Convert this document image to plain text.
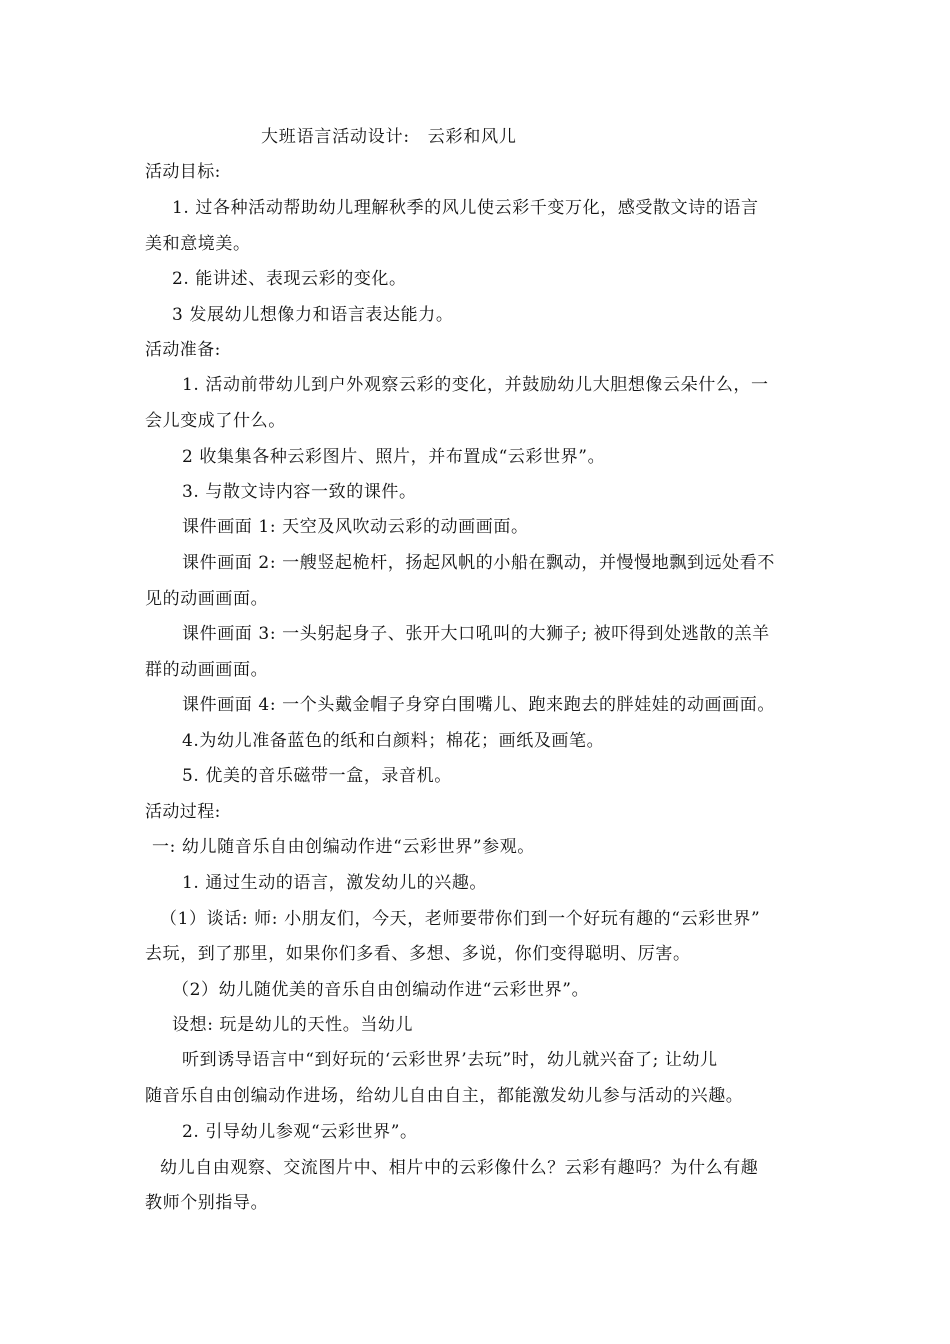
大班语言活动设计:　云彩和风儿
活动目标:
1. 过各种活动帮助幼儿理解秋季的风儿使云彩千变万化，感受散文诗的语言
美和意境美。
2. 能讲述、表现云彩的变化。
3 发展幼儿想像力和语言表达能力。
活动准备:
1. 活动前带幼儿到户外观察云彩的变化，并鼓励幼儿大胆想像云朵什么，一
会儿变成了什么。
2 收集集各种云彩图片、照片，并布置成“云彩世界”。
3. 与散文诗内容一致的课件。
课件画面 1: 天空及风吹动云彩的动画画面。
课件画面 2: 一艘竖起桅杆，扬起风帆的小船在飘动，并慢慢地飘到远处看不
见的动画画面。
课件画面 3: 一头躬起身子、张开大口吼叫的大狮子; 被吓得到处逃散的羔羊
群的动画画面。
课件画面 4: 一个头戴金帽子身穿白围嘴儿、跑来跑去的胖娃娃的动画画面。
4.为幼儿准备蓝色的纸和白颜料；棉花；画纸及画笔。
5. 优美的音乐磁带一盒，录音机。
活动过程:
一: 幼儿随音乐自由创编动作进“云彩世界”参观。
1. 通过生动的语言，激发幼儿的兴趣。
（1）谈话: 师: 小朋友们，今天，老师要带你们到一个好玩有趣的“云彩世界”
去玩，到了那里，如果你们多看、多想、多说，你们变得聪明、厉害。
（2）幼儿随优美的音乐自由创编动作进“云彩世界”。
设想: 玩是幼儿的天性。当幼儿
听到诱导语言中“到好玩的‘云彩世界’去玩”时，幼儿就兴奋了; 让幼儿
随音乐自由创编动作进场，给幼儿自由自主，都能激发幼儿参与活动的兴趣。
2. 引导幼儿参观“云彩世界”。
幼儿自由观察、交流图片中、相片中的云彩像什么？云彩有趣吗？为什么有趣
教师个别指导。
